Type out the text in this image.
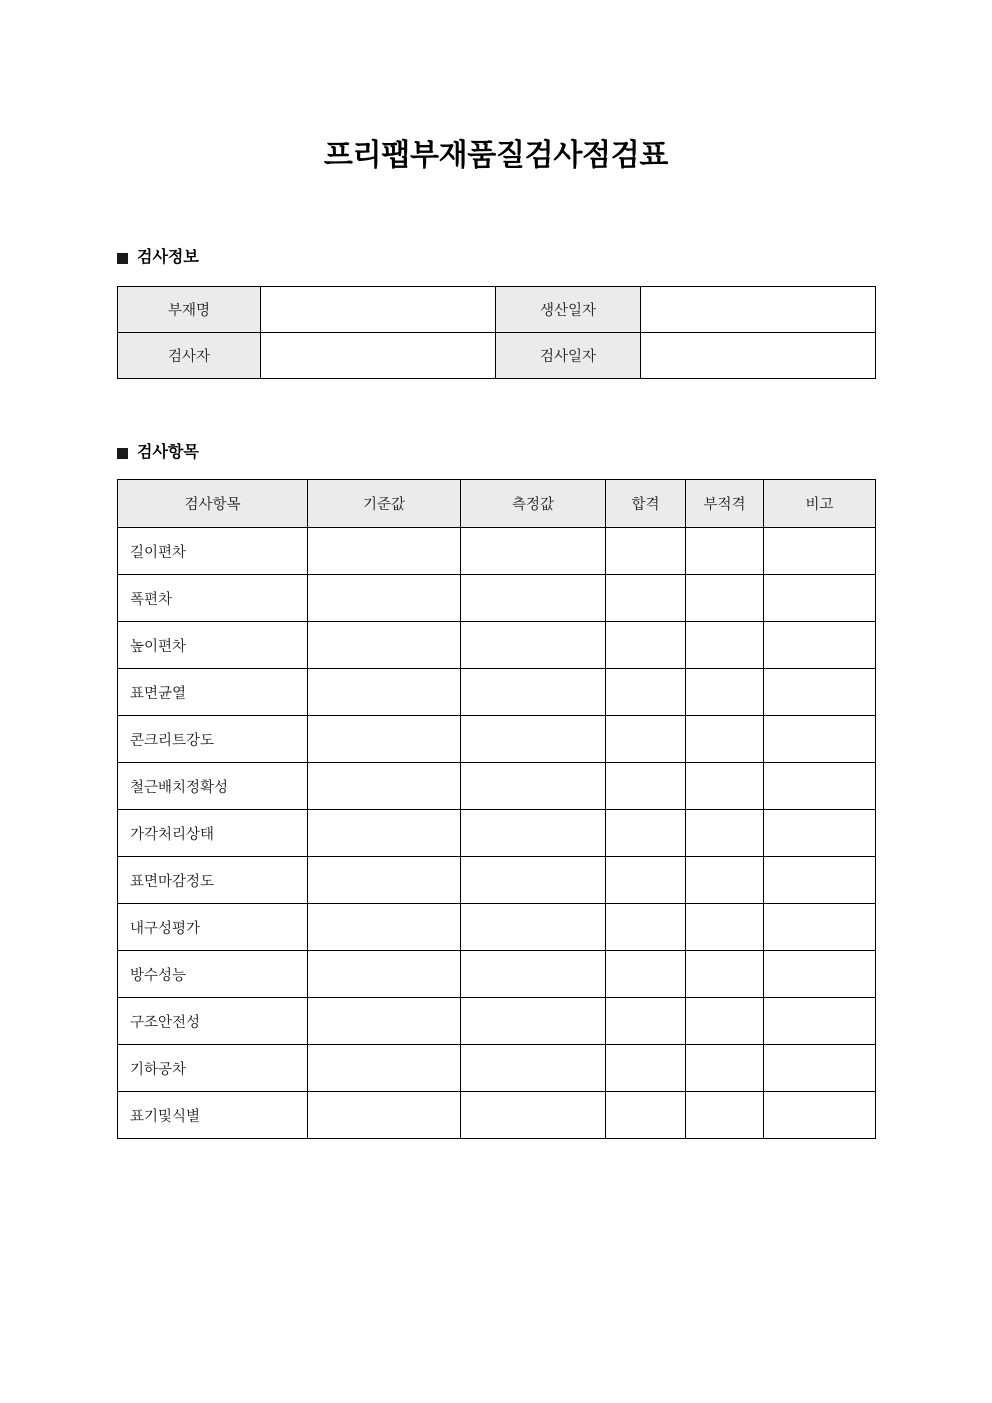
프리팹부재품질검사점검표
검사정보
부재명		생산일자	
검사자		검사일자	
검사항목
검사항목	기준값	측정값	합격	부적격	비고
길이편차					
폭편차					
높이편차					
표면균열					
콘크리트강도					
철근배치정확성					
가각처리상태					
표면마감정도					
내구성평가					
방수성능					
구조안전성					
기하공차					
표기및식별					
